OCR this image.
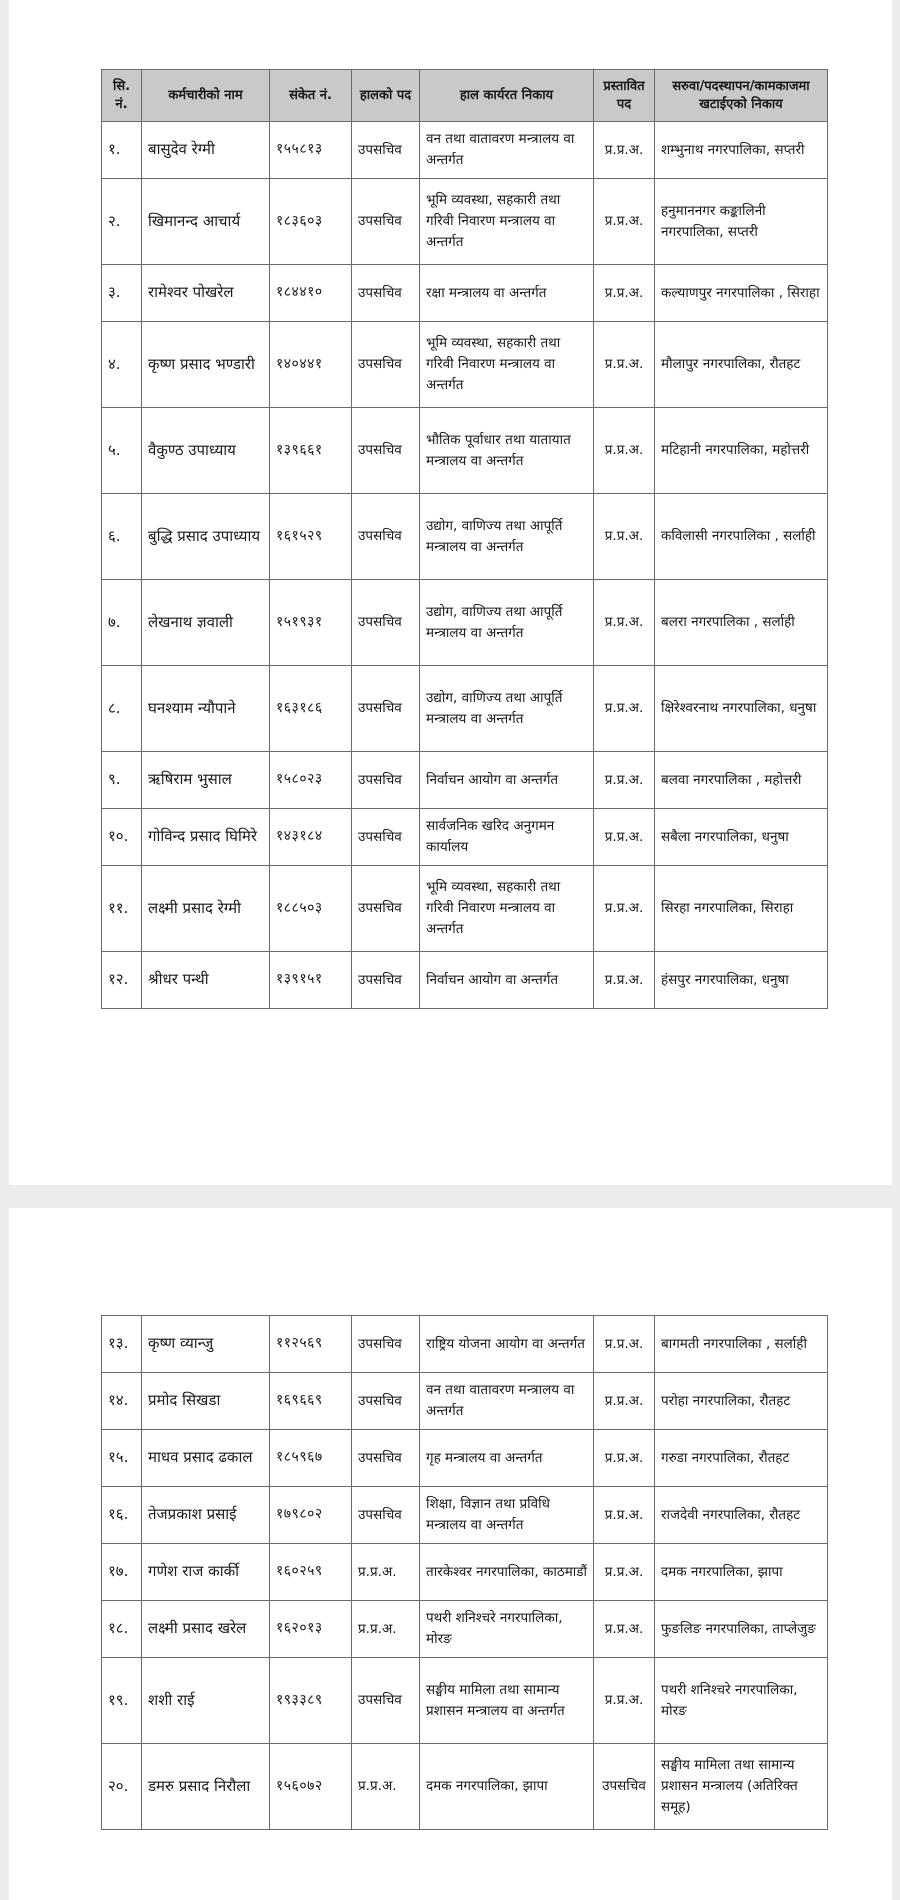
सि. नं.	कर्मचारीको नाम	संकेत नं.	हालको पद	हाल कार्यरत निकाय	प्रस्तावित पद	सरुवा/पदस्थापन/कामकाजमा खटाईएको निकाय
१.	बासुदेव रेग्मी	१५५८१३	उपसचिव	वन तथा वातावरण मन्त्रालय वा अन्तर्गत	प्र.प्र.अ.	शम्भुनाथ नगरपालिका, सप्तरी
२.	खिमानन्द आचार्य	१८३६०३	उपसचिव	भूमि व्यवस्था, सहकारी तथा गरिवी निवारण मन्त्रालय वा अन्तर्गत	प्र.प्र.अ.	हनुमाननगर कङ्कालिनी नगरपालिका, सप्तरी
३.	रामेश्वर पोखरेल	१८४४१०	उपसचिव	रक्षा मन्त्रालय वा अन्तर्गत	प्र.प्र.अ.	कल्याणपुर नगरपालिका , सिराहा
४.	कृष्ण प्रसाद भण्डारी	१४०४४१	उपसचिव	भूमि व्यवस्था, सहकारी तथा गरिवी निवारण मन्त्रालय वा अन्तर्गत	प्र.प्र.अ.	मौलापुर नगरपालिका, रौतहट
५.	वैकुण्ठ उपाध्याय	१३९६६१	उपसचिव	भौतिक पूर्वाधार तथा यातायात मन्त्रालय वा अन्तर्गत	प्र.प्र.अ.	मटिहानी नगरपालिका, महोत्तरी
६.	बुद्धि प्रसाद उपाध्याय	१६१५२९	उपसचिव	उद्योग, वाणिज्य तथा आपूर्ति मन्त्रालय वा अन्तर्गत	प्र.प्र.अ.	कविलासी नगरपालिका , सर्लाही
७.	लेखनाथ ज्ञवाली	१५१९३१	उपसचिव	उद्योग, वाणिज्य तथा आपूर्ति मन्त्रालय वा अन्तर्गत	प्र.प्र.अ.	बलरा नगरपालिका , सर्लाही
८.	घनश्याम न्यौपाने	१६३१८६	उपसचिव	उद्योग, वाणिज्य तथा आपूर्ति मन्त्रालय वा अन्तर्गत	प्र.प्र.अ.	क्षिरेश्वरनाथ नगरपालिका, धनुषा
९.	ऋषिराम भुसाल	१५८०२३	उपसचिव	निर्वाचन आयोग वा अन्तर्गत	प्र.प्र.अ.	बलवा नगरपालिका , महोत्तरी
१०.	गोविन्द प्रसाद घिमिरे	१४३१८४	उपसचिव	सार्वजनिक खरिद अनुगमन कार्यालय	प्र.प्र.अ.	सबैला नगरपालिका, धनुषा
११.	लक्ष्मी प्रसाद रेग्मी	१८८५०३	उपसचिव	भूमि व्यवस्था, सहकारी तथा गरिवी निवारण मन्त्रालय वा अन्तर्गत	प्र.प्र.अ.	सिरहा नगरपालिका, सिराहा
१२.	श्रीधर पन्थी	१३९१५१	उपसचिव	निर्वाचन आयोग वा अन्तर्गत	प्र.प्र.अ.	हंसपुर नगरपालिका, धनुषा
१३.	कृष्ण व्यान्जु	११२५६९	उपसचिव	राष्ट्रिय योजना आयोग वा अन्तर्गत	प्र.प्र.अ.	बागमती नगरपालिका , सर्लाही
१४.	प्रमोद सिखडा	१६९६६९	उपसचिव	वन तथा वातावरण मन्त्रालय वा अन्तर्गत	प्र.प्र.अ.	परोहा नगरपालिका, रौतहट
१५.	माधव प्रसाद ढकाल	१८५९६७	उपसचिव	गृह मन्त्रालय वा अन्तर्गत	प्र.प्र.अ.	गरुडा नगरपालिका, रौतहट
१६.	तेजप्रकाश प्रसाई	१७९८०२	उपसचिव	शिक्षा, विज्ञान तथा प्रविधि मन्त्रालय वा अन्तर्गत	प्र.प्र.अ.	राजदेवी नगरपालिका, रौतहट
१७.	गणेश राज कार्की	१६०२५९	प्र.प्र.अ.	तारकेश्वर नगरपालिका, काठमाडौं	प्र.प्र.अ.	दमक नगरपालिका, झापा
१८.	लक्ष्मी प्रसाद खरेल	१६२०१३	प्र.प्र.अ.	पथरी शनिश्चरे नगरपालिका, मोरङ	प्र.प्र.अ.	फुङलिङ नगरपालिका, ताप्लेजुङ
१९.	शशी राई	१९३३८९	उपसचिव	सङ्घीय मामिला तथा सामान्य प्रशासन मन्त्रालय वा अन्तर्गत	प्र.प्र.अ.	पथरी शनिश्चरे नगरपालिका, मोरङ
२०.	डमरु प्रसाद निरौला	१५६०७२	प्र.प्र.अ.	दमक नगरपालिका, झापा	उपसचिव	सङ्घीय मामिला तथा सामान्य प्रशासन मन्त्रालय (अतिरिक्त समूह)
